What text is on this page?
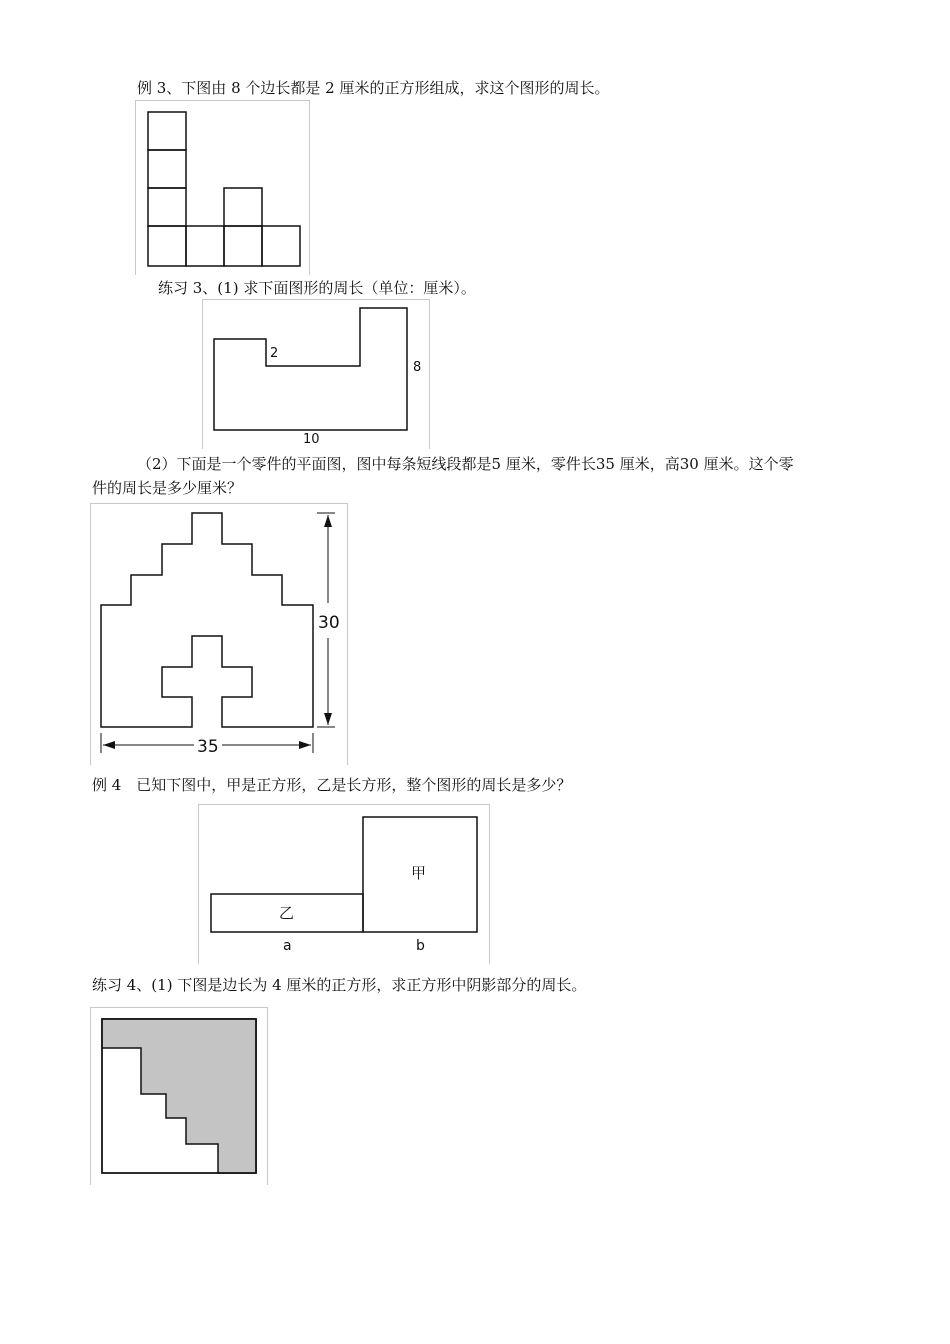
例 3、下图由 8 个边长都是 2 厘米的正方形组成，求这个图形的周长。
练习 3、(1) 求下面图形的周长（单位：厘米）。
2
8
10
（2）下面是一个零件的平面图，图中每条短线段都是5 厘米，零件长35 厘米，高30 厘米。这个零
件的周长是多少厘米？
30
35
例 4　已知下图中，甲是正方形，乙是长方形，整个图形的周长是多少？
甲
乙
a	b
练习 4、(1) 下图是边长为 4 厘米的正方形，求正方形中阴影部分的周长。
